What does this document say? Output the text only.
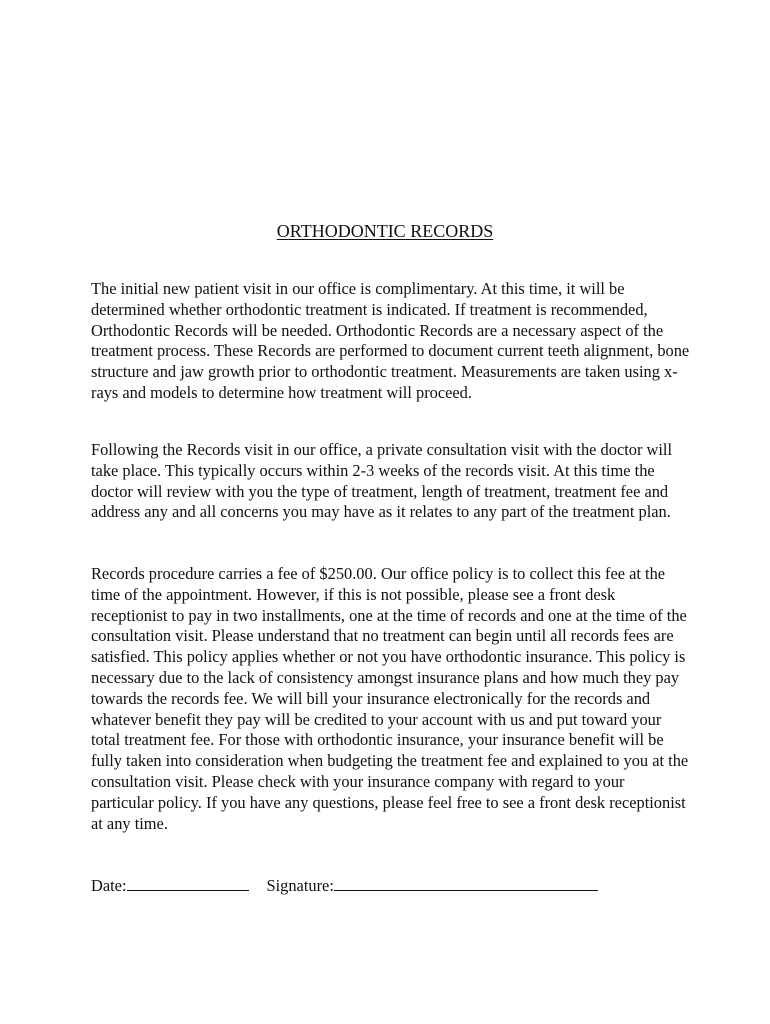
ORTHODONTIC RECORDS

The initial new patient visit in our office is complimentary. At this time, it will be determined whether orthodontic treatment is indicated. If treatment is recommended, Orthodontic Records will be needed. Orthodontic Records are a necessary aspect of the treatment process. These Records are performed to document current teeth alignment, bone structure and jaw growth prior to orthodontic treatment. Measurements are taken using x-rays and models to determine how treatment will proceed.

Following the Records visit in our office, a private consultation visit with the doctor will take place. This typically occurs within 2-3 weeks of the records visit. At this time the doctor will review with you the type of treatment, length of treatment, treatment fee and address any and all concerns you may have as it relates to any part of the treatment plan.

Records procedure carries a fee of $250.00. Our office policy is to collect this fee at the time of the appointment. However, if this is not possible, please see a front desk receptionist to pay in two installments, one at the time of records and one at the time of the consultation visit. Please understand that no treatment can begin until all records fees are satisfied. This policy applies whether or not you have orthodontic insurance. This policy is necessary due to the lack of consistency amongst insurance plans and how much they pay towards the records fee. We will bill your insurance electronically for the records and whatever benefit they pay will be credited to your account with us and put toward your total treatment fee. For those with orthodontic insurance, your insurance benefit will be fully taken into consideration when budgeting the treatment fee and explained to you at the consultation visit. Please check with your insurance company with regard to your particular policy. If you have any questions, please feel free to see a front desk receptionist at any time.

Date:	Signature:
